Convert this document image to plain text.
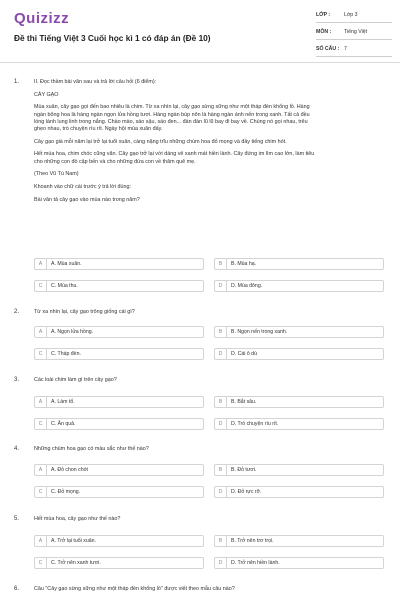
Quizizz
Đề thi Tiếng Việt 3 Cuối học kì 1 có đáp án (Đề 10)
LỚP :	Lớp 3
MÔN :	Tiếng Việt
SỐ CÂU : 7
1.	II. Đọc thầm bài văn sau và trả lời câu hỏi (6 điểm):
CÂY GẠO
Mùa xuân, cây gạo gọi đến bao nhiêu là chim. Từ xa nhìn lại, cây gạo sừng sững như một tháp đèn khổng lồ. Hàng
ngàn bông hoa là hàng ngàn ngọn lửa hồng tươi. Hàng ngàn búp nõn là hàng ngàn ánh nến trong xanh. Tất cả đều
lóng lánh lung linh trong nắng. Chào mào, sáo sậu, sáo đen... đàn đàn lũ lũ bay đi bay về. Chúng nó gọi nhau, trêu
ghẹo nhau, trò chuyện ríu rít. Ngày hội mùa xuân đấy.
Cây gạo già mỗi năm lại trở lại tuổi xuân, càng nặng trĩu những chùm hoa đỏ mọng và đầy tiếng chim hót.
Hết mùa hoa, chim chóc cũng vãn. Cây gạo trở lại với dáng vẻ xanh mát hiền lành. Cây đứng im lìm cao lớn, làm tiêu
cho những con đò cập bến và cho những đứa con về thăm quê mẹ.
(Theo Vũ Tú Nam)
Khoanh vào chữ cái trước ý trả lời đúng:
Bài văn tả cây gạo vào mùa nào trong năm?
A	A. Mùa xuân.	B	B. Mùa hạ.
C	C. Mùa thu.	D	D. Mùa đông.
2.	Từ xa nhìn lại, cây gạo trông giống cái gì?
A	A. Ngọn lửa hồng.	B	B. Ngọn nến trong xanh.
C	C. Tháp đèn.	D	D. Cái ô dù
3.	Các loài chim làm gì trên cây gạo?
A	A. Làm tổ.	B	B. Bắt sâu.
C	C. Ăn quả.	D	D. Trò chuyện ríu rít.
4.	Những chùm hoa gạo có màu sắc như thế nào?
A	A. Đỏ chon chót	B	B. Đỏ tươi.
C	C. Đỏ mọng.	D	D. Đỏ rực rỡ.
5.	Hết mùa hoa, cây gạo như thế nào?
A	A. Trở lại tuổi xuân.	B	B. Trở nên trơ trọi.
C	C. Trở nên xanh tươi.	D	D. Trở nên hiền lành.
6.	Câu "Cây gạo sừng sững như một tháp đèn khổng lồ" được viết theo mẫu câu nào?
